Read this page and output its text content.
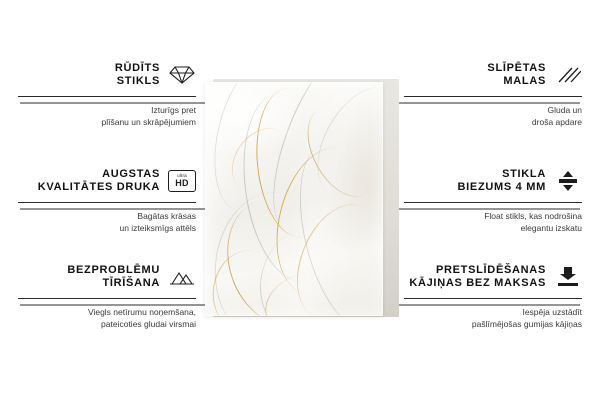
RŪDĪTS
STIKLS
Izturīgs pret
plīšanu un skrāpējumiem
AUGSTAS
KVALITĀTES DRUKA
ultra
HD
Bagātas krāsas
un izteiksmīgs attēls
BEZPROBLĒMU
TĪRĪŠANA
Viegls netīrumu noņemšana,
pateicoties gludai virsmai
SLĪPĒTAS
MALAS
Gluda un
droša apdare
STIKLA
BIEZUMS 4 MM
Float stikls, kas nodrošina
elegantu izskatu
PRETSLĪDĒŠANAS
KĀJIŅAS BEZ MAKSAS
Iespēja uzstādīt
pašlīmējošas gumijas kājiņas
